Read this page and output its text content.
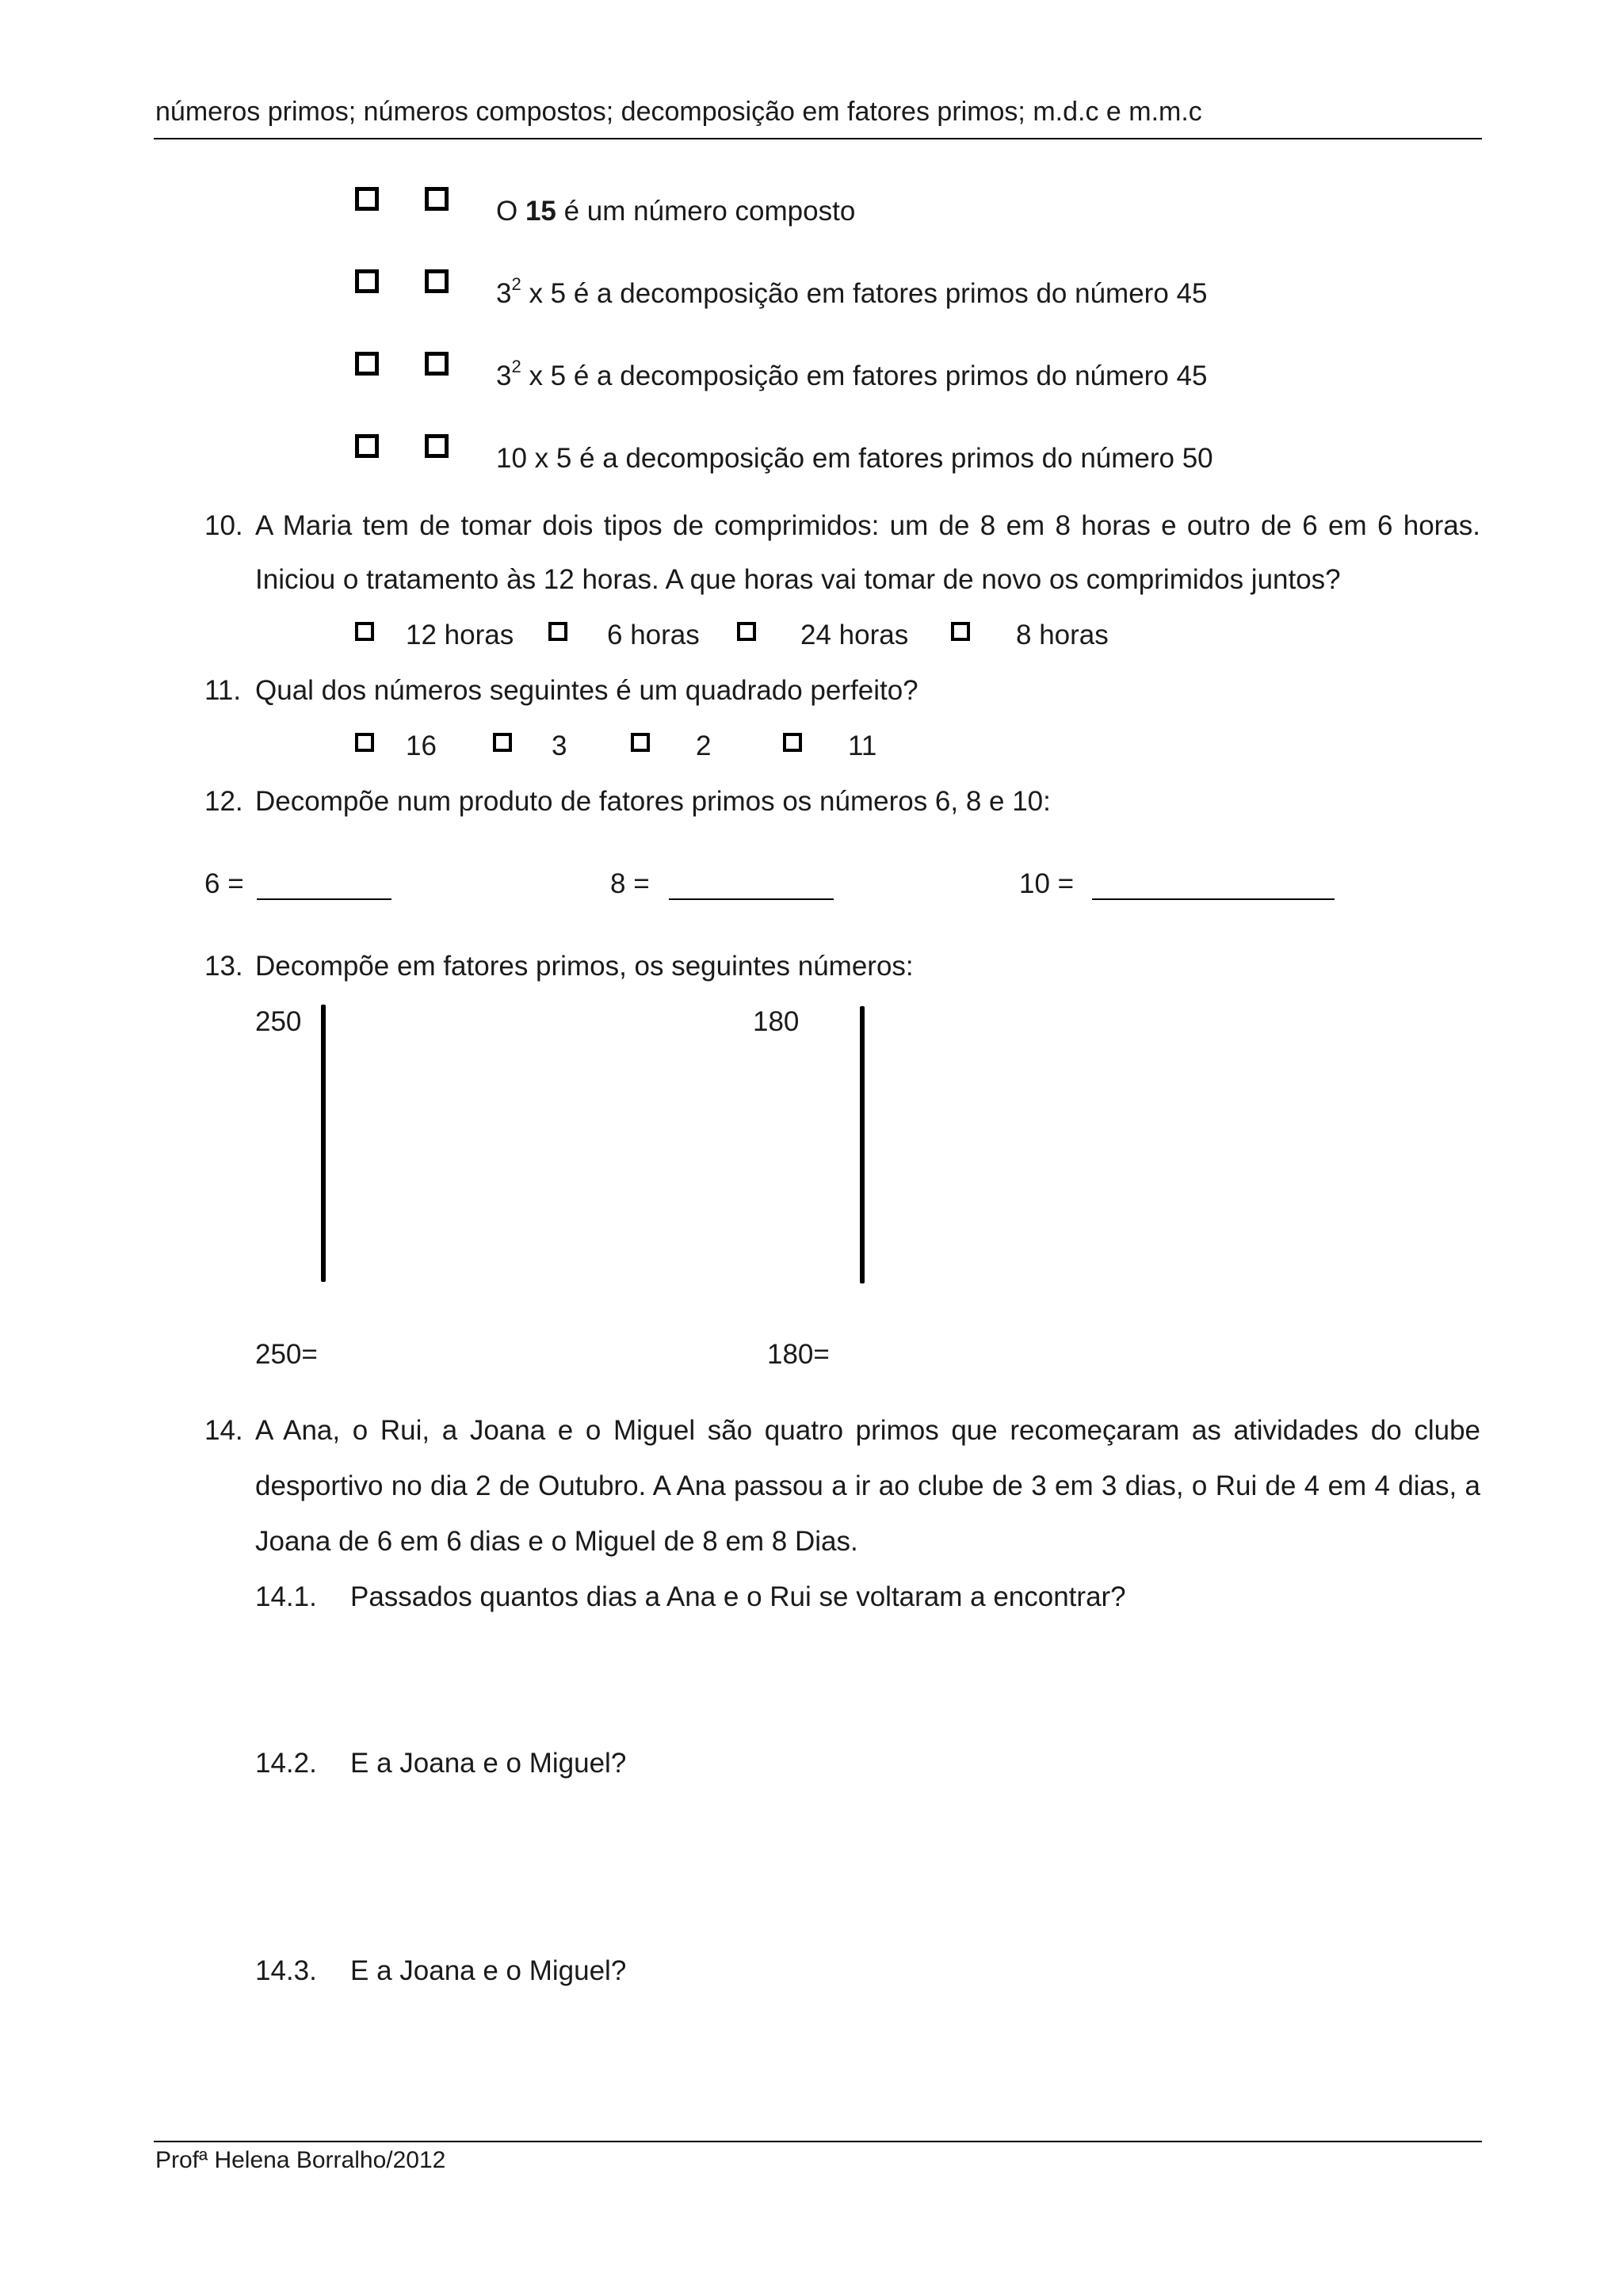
números primos; números compostos; decomposição em fatores primos; m.d.c e m.m.c
O 15 é um número composto
$3^2$ x 5 é a decomposição em fatores primos do número 45
$3^2$ x 5 é a decomposição em fatores primos do número 45
10 x 5 é a decomposição em fatores primos do número 50
10. A Maria tem de tomar dois tipos de comprimidos: um de 8 em 8 horas e outro de 6 em 6 horas.
Iniciou o tratamento às 12 horas. A que horas vai tomar de novo os comprimidos juntos?
12 horas	6 horas	24 horas	8 horas
11. Qual dos números seguintes é um quadrado perfeito?
16	3	2	11
12. Decompõe num produto de fatores primos os números 6, 8 e 10:
6 =	8 =	10 =
13. Decompõe em fatores primos, os seguintes números:
250	180
250=	180=
14. A Ana, o Rui, a Joana e o Miguel são quatro primos que recomeçaram as atividades do clube
desportivo no dia 2 de Outubro. A Ana passou a ir ao clube de 3 em 3 dias, o Rui de 4 em 4 dias, a
Joana de 6 em 6 dias e o Miguel de 8 em 8 Dias.
14.1. Passados quantos dias a Ana e o Rui se voltaram a encontrar?
14.2. E a Joana e o Miguel?
14.3. E a Joana e o Miguel?
Profª Helena Borralho/2012
